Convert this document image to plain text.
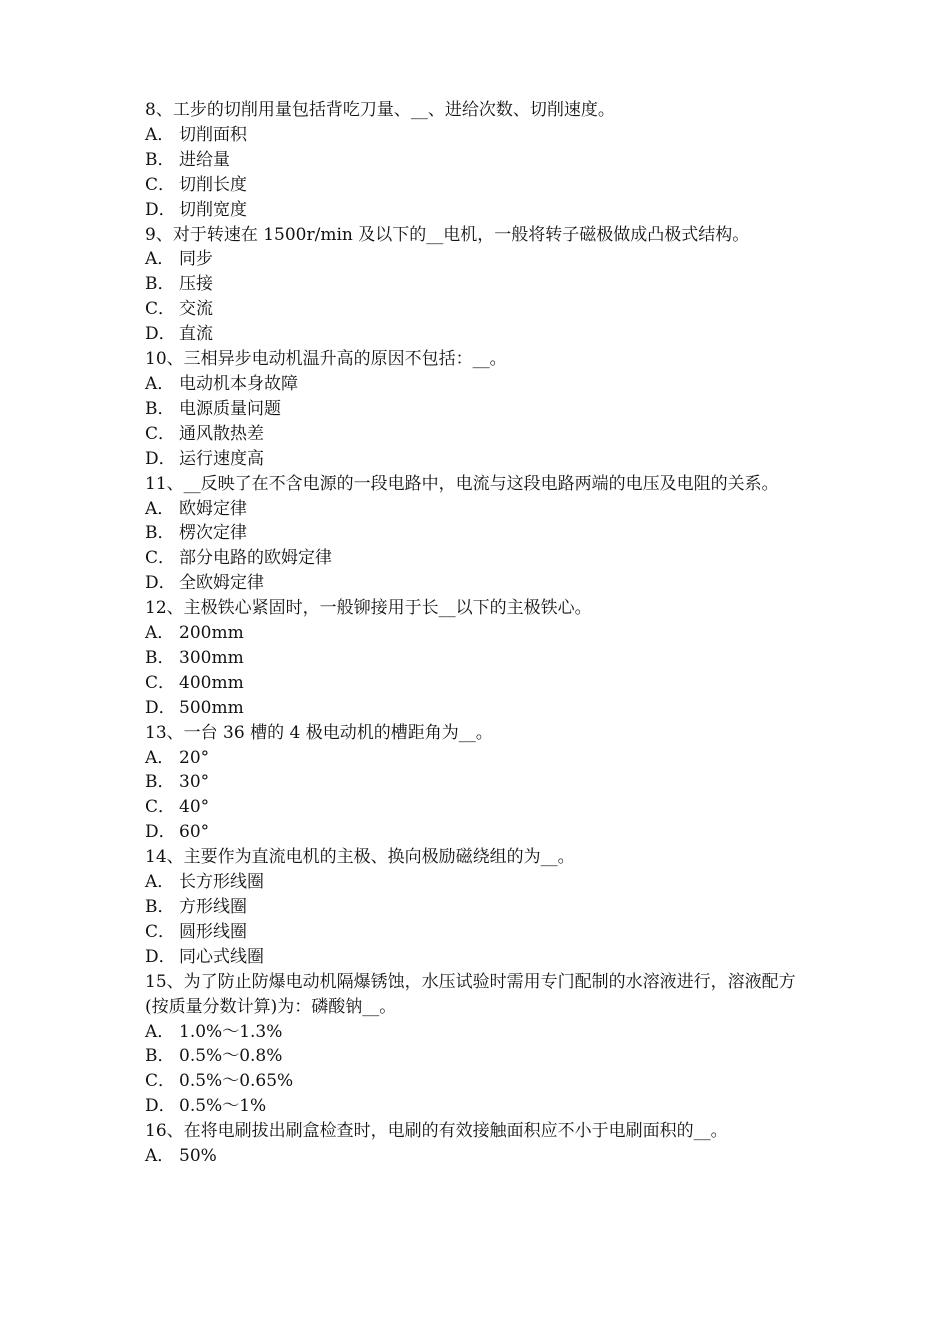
8、工步的切削用量包括背吃刀量、__、进给次数、切削速度。

A． 切削面积

B． 进给量

C． 切削长度

D． 切削宽度

9、对于转速在 1500r/min 及以下的__电机，一般将转子磁极做成凸极式结构。

A． 同步

B． 压接

C． 交流

D． 直流

10、三相异步电动机温升高的原因不包括：__。

A． 电动机本身故障

B． 电源质量问题

C． 通风散热差

D． 运行速度高

11、__反映了在不含电源的一段电路中，电流与这段电路两端的电压及电阻的关系。

A． 欧姆定律

B． 楞次定律

C． 部分电路的欧姆定律

D． 全欧姆定律

12、主极铁心紧固时，一般铆接用于长__以下的主极铁心。

A． 200mm

B． 300mm

C． 400mm

D． 500mm

13、一台 36 槽的 4 极电动机的槽距角为__。

A． 20°

B． 30°

C． 40°

D． 60°

14、主要作为直流电机的主极、换向极励磁绕组的为__。

A． 长方形线圈

B． 方形线圈

C． 圆形线圈

D． 同心式线圈

15、为了防止防爆电动机隔爆锈蚀，水压试验时需用专门配制的水溶液进行，溶液配方(按质量分数计算)为：磷酸钠__。

A． 1.0%～1.3%

B． 0.5%～0.8%

C． 0.5%～0.65%

D． 0.5%～1%

16、在将电刷拔出刷盒检查时，电刷的有效接触面积应不小于电刷面积的__。

A． 50%
